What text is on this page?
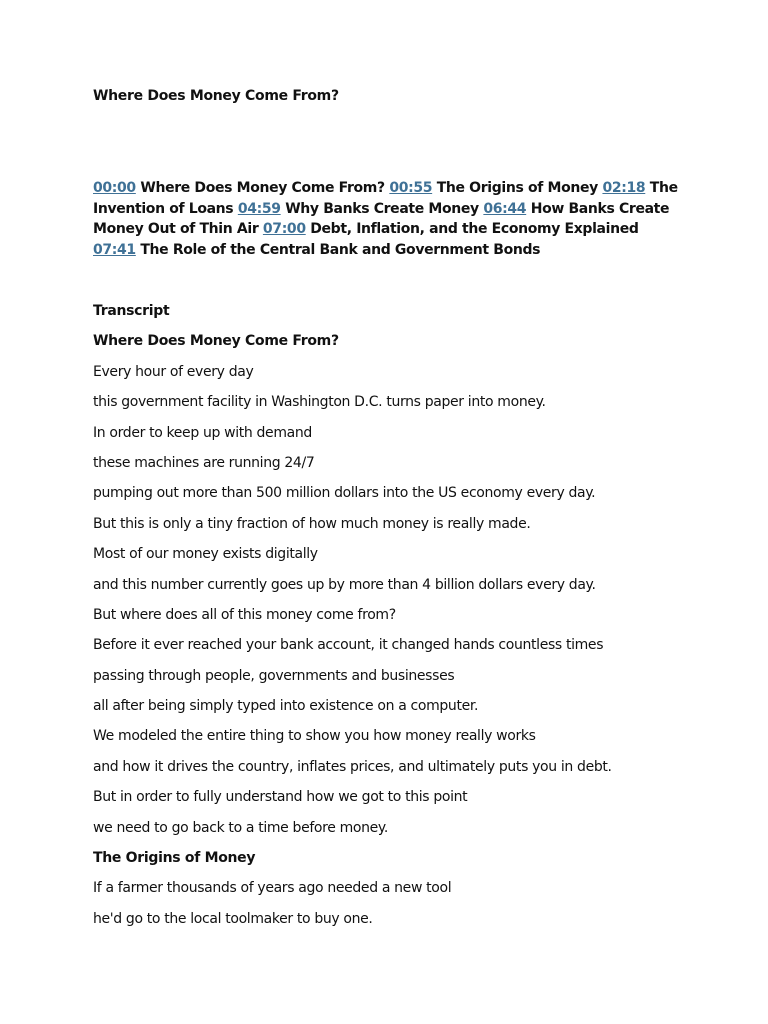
Where Does Money Come From?

00:00 Where Does Money Come From? 00:55 The Origins of Money 02:18 The Invention of Loans 04:59 Why Banks Create Money 06:44 How Banks Create Money Out of Thin Air 07:00 Debt, Inflation, and the Economy Explained 07:41 The Role of the Central Bank and Government Bonds

Transcript

Where Does Money Come From?

Every hour of every day

this government facility in Washington D.C. turns paper into money.

In order to keep up with demand

these machines are running 24/7

pumping out more than 500 million dollars into the US economy every day.

But this is only a tiny fraction of how much money is really made.

Most of our money exists digitally

and this number currently goes up by more than 4 billion dollars every day.

But where does all of this money come from?

Before it ever reached your bank account, it changed hands countless times

passing through people, governments and businesses

all after being simply typed into existence on a computer.

We modeled the entire thing to show you how money really works

and how it drives the country, inflates prices, and ultimately puts you in debt.

But in order to fully understand how we got to this point

we need to go back to a time before money.

The Origins of Money

If a farmer thousands of years ago needed a new tool

he'd go to the local toolmaker to buy one.
